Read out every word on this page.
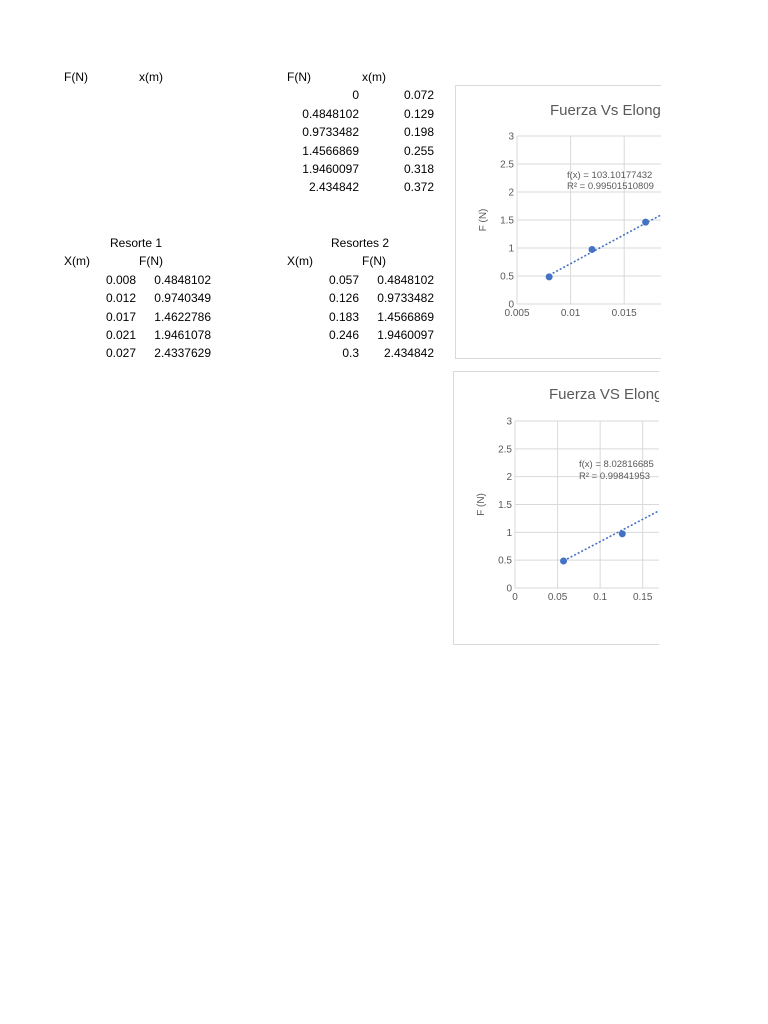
F(N)	x(m)	F(N)	x(m)
0	0.072
0.4848102	0.129
0.9733482	0.198
1.4566869	0.255
1.9460097	0.318
2.434842	0.372
Resorte 1
X(m)	F(N)
0.008 0.4848102
0.012 0.9740349
0.017 1.4622786
0.021 1.9461078
0.027 2.4337629
Resortes 2
X(m)	F(N)
0.057 0.4848102
0.126 0.9733482
0.183 1.4566869
0.246 1.9460097
0.3 2.434842
Fuerza Vs Elongación
0
0.5
1
1.5
2
2.5
3
0.005	0.01	0.015
F (N)
f(x) = 103.10177432
R² = 0.99501510809
Fuerza VS Elongación
0
0.5
1
1.5
2
2.5
3
0	0.05	0.1	0.15
F (N)
f(x) = 8.02816685
R² = 0.99841953
